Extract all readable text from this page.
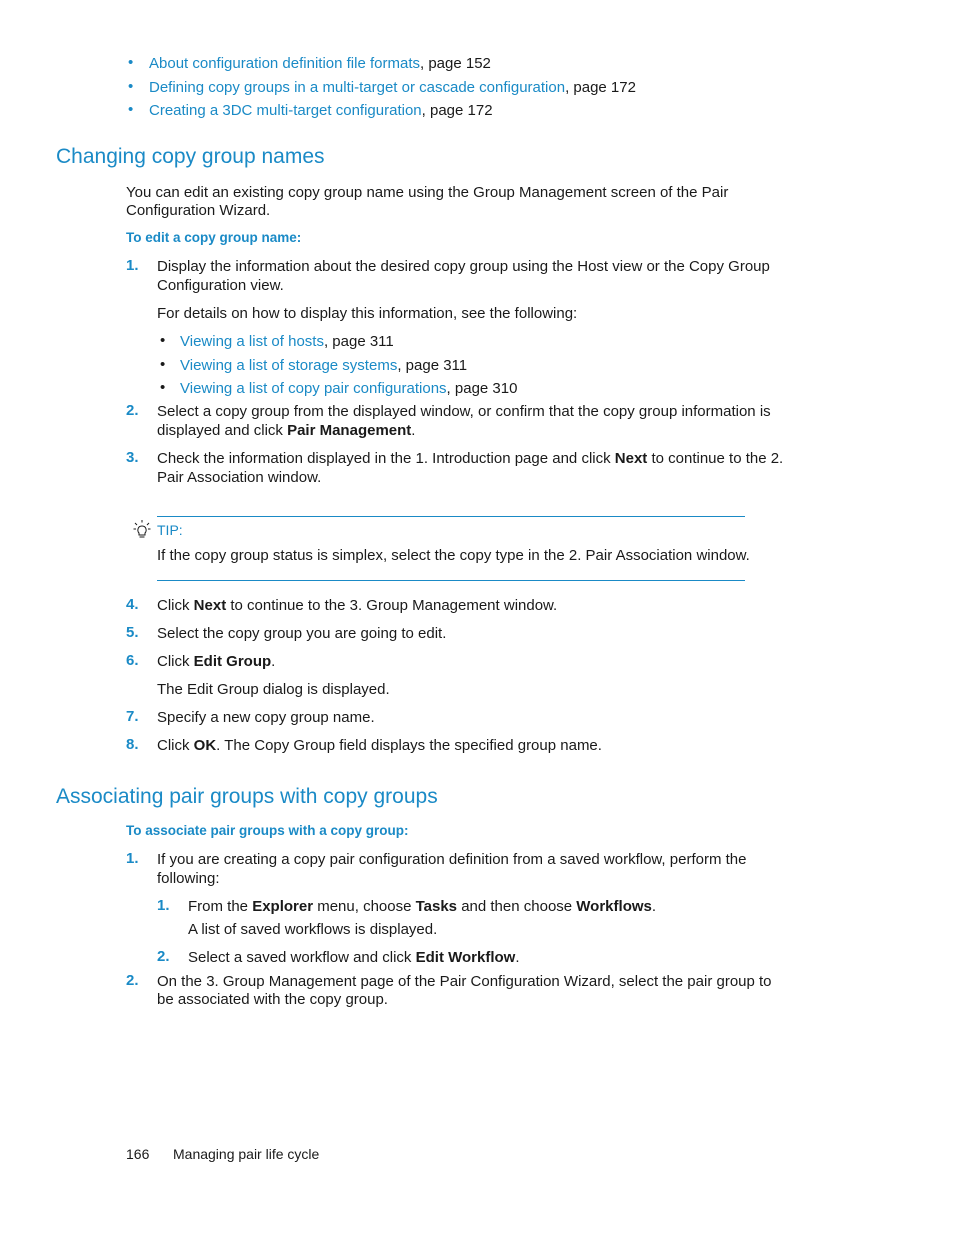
• About configuration definition file formats, page 152
• Defining copy groups in a multi-target or cascade configuration, page 172
• Creating a 3DC multi-target configuration, page 172
Changing copy group names
You can edit an existing copy group name using the Group Management screen of the Pair
Configuration Wizard.
To edit a copy group name:
1. Display the information about the desired copy group using the Host view or the Copy Group
Configuration view.
For details on how to display this information, see the following:
• Viewing a list of hosts, page 311
• Viewing a list of storage systems, page 311
• Viewing a list of copy pair configurations, page 310
2. Select a copy group from the displayed window, or confirm that the copy group information is
displayed and click Pair Management.
3. Check the information displayed in the 1. Introduction page and click Next to continue to the 2.
Pair Association window.
TIP:
If the copy group status is simplex, select the copy type in the 2. Pair Association window.
4. Click Next to continue to the 3. Group Management window.
5. Select the copy group you are going to edit.
6. Click Edit Group.
The Edit Group dialog is displayed.
7. Specify a new copy group name.
8. Click OK. The Copy Group field displays the specified group name.
Associating pair groups with copy groups
To associate pair groups with a copy group:
1. If you are creating a copy pair configuration definition from a saved workflow, perform the
following:
1. From the Explorer menu, choose Tasks and then choose Workflows.
A list of saved workflows is displayed.
2. Select a saved workflow and click Edit Workflow.
2. On the 3. Group Management page of the Pair Configuration Wizard, select the pair group to
be associated with the copy group.
166 Managing pair life cycle
